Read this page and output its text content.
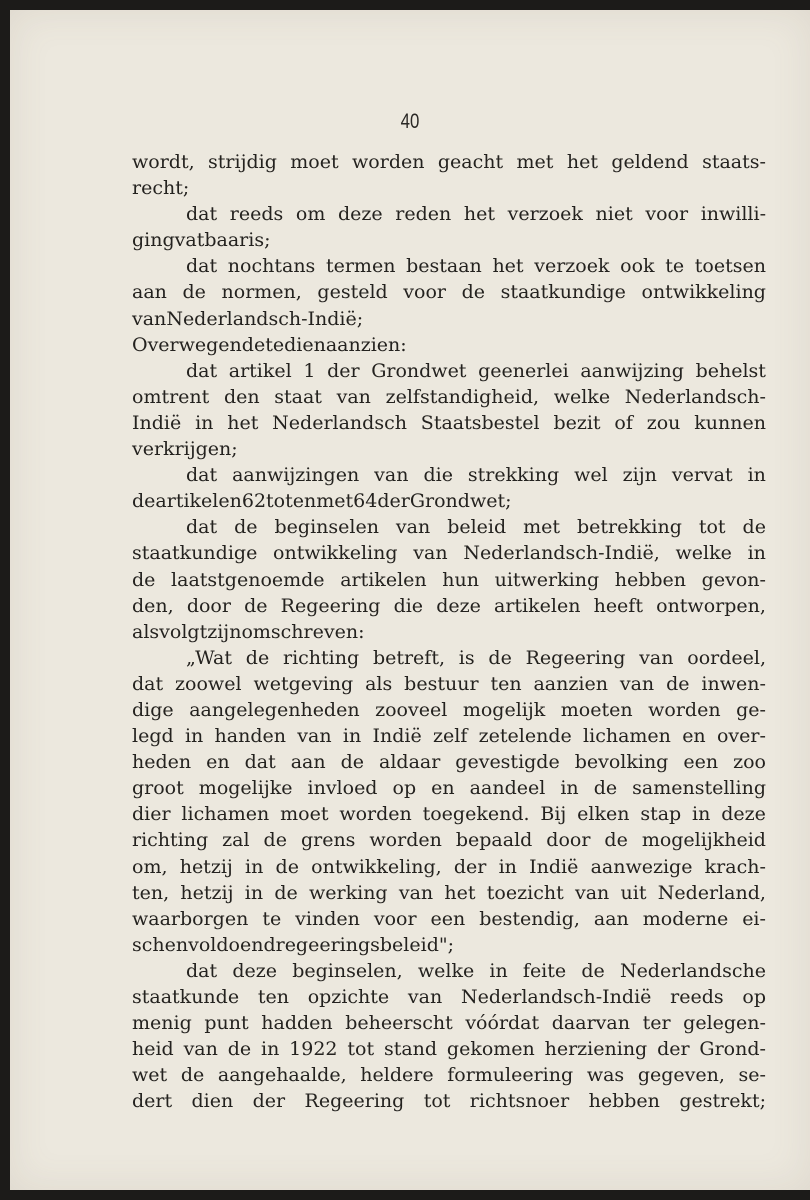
40
wordt, strijdig moet worden geacht met het geldend staats-
recht;
dat reeds om deze reden het verzoek niet voor inwilli-
ging vatbaar is;
dat nochtans termen bestaan het verzoek ook te toetsen
aan de normen, gesteld voor de staatkundige ontwikkeling
van Nederlandsch-Indië;
Overwegende te dien aanzien:
dat artikel 1 der Grondwet geenerlei aanwijzing behelst
omtrent den staat van zelfstandigheid, welke Nederlandsch-
Indië in het Nederlandsch Staatsbestel bezit of zou kunnen
verkrijgen;
dat aanwijzingen van die strekking wel zijn vervat in
de artikelen 62 tot en met 64 der Grondwet;
dat de beginselen van beleid met betrekking tot de
staatkundige ontwikkeling van Nederlandsch-Indië, welke in
de laatstgenoemde artikelen hun uitwerking hebben gevon-
den, door de Regeering die deze artikelen heeft ontworpen,
als volgt zijn omschreven:
„Wat de richting betreft, is de Regeering van oordeel,
dat zoowel wetgeving als bestuur ten aanzien van de inwen-
dige aangelegenheden zooveel mogelijk moeten worden ge-
legd in handen van in Indië zelf zetelende lichamen en over-
heden en dat aan de aldaar gevestigde bevolking een zoo
groot mogelijke invloed op en aandeel in de samenstelling
dier lichamen moet worden toegekend. Bij elken stap in deze
richting zal de grens worden bepaald door de mogelijkheid
om, hetzij in de ontwikkeling, der in Indië aanwezige krach-
ten, hetzij in de werking van het toezicht van uit Nederland,
waarborgen te vinden voor een bestendig, aan moderne ei-
schen voldoend regeeringsbeleid";
dat deze beginselen, welke in feite de Nederlandsche
staatkunde ten opzichte van Nederlandsch-Indië reeds op
menig punt hadden beheerscht vóórdat daarvan ter gelegen-
heid van de in 1922 tot stand gekomen herziening der Grond-
wet de aangehaalde, heldere formuleering was gegeven, se-
dert dien der Regeering tot richtsnoer hebben gestrekt;
